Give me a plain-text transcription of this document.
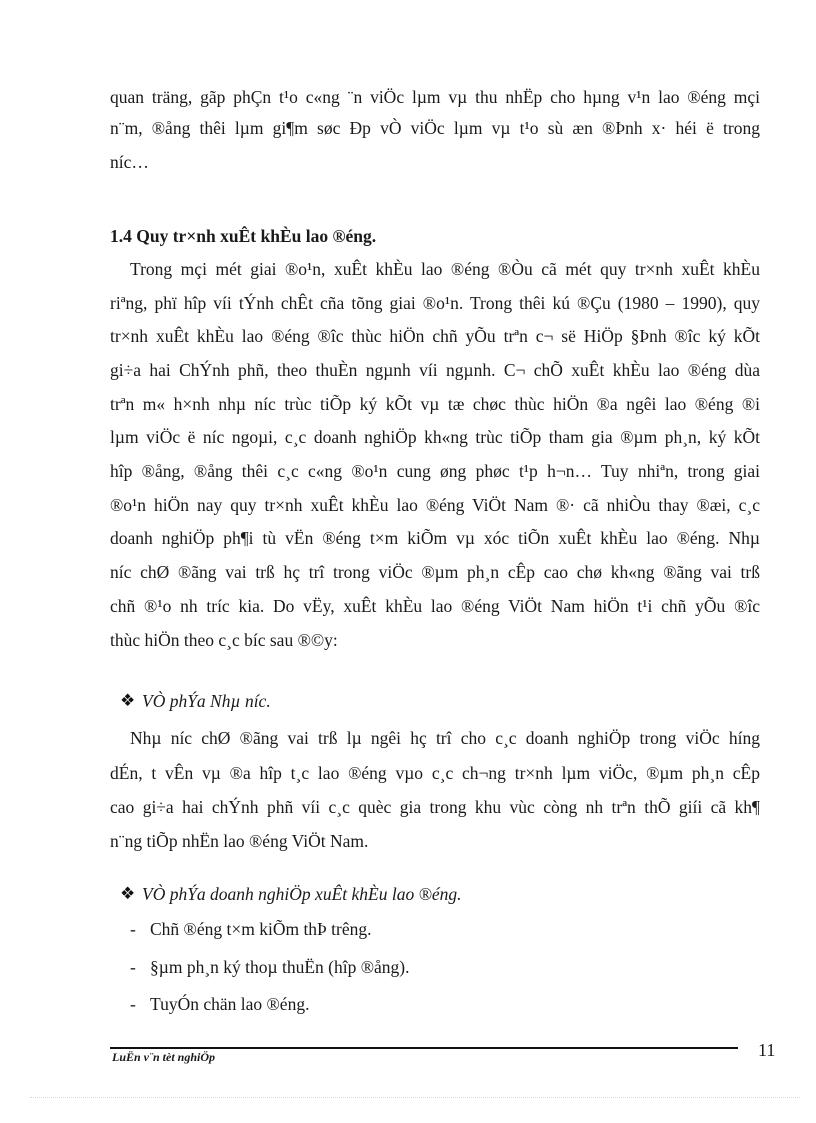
quan träng, gãp phÇn t¹o c«ng ¨n viÖc lµm vµ thu nhËp cho hµng v¹n lao ®éng mçi
n¨m, ®ång thêi lµm gi¶m søc Ðp vÒ viÖc lµm vµ t¹o sù æn ®Þnh x· héi ë trong
níc…
1.4 Quy tr×nh xuÊt khÈu lao ®éng.
Trong mçi mét giai ®o¹n, xuÊt khÈu lao ®éng ®Òu cã mét quy tr×nh xuÊt khÈu
riªng, phï hîp víi tÝnh chÊt cña tõng giai ®o¹n. Trong thêi kú ®Çu (1980 – 1990), quy
tr×nh xuÊt khÈu lao ®éng ®îc thùc hiÖn chñ yÕu trªn c¬ së HiÖp §Þnh ®îc ký kÕt
gi÷a hai ChÝnh phñ, theo thuÈn ngµnh víi ngµnh. C¬ chÕ xuÊt khÈu lao ®éng dùa
trªn m« h×nh nhµ níc trùc tiÕp ký kÕt vµ tæ chøc thùc hiÖn ®a ngêi lao ®éng ®i
lµm viÖc ë níc ngoµi, c¸c doanh nghiÖp kh«ng trùc tiÕp tham gia ®µm ph¸n, ký kÕt
hîp ®ång, ®ång thêi c¸c c«ng ®o¹n cung øng phøc t¹p h¬n… Tuy nhiªn, trong giai
®o¹n hiÖn nay quy tr×nh xuÊt khÈu lao ®éng ViÖt Nam ®· cã nhiÒu thay ®æi, c¸c
doanh nghiÖp ph¶i tù vËn ®éng t×m kiÕm vµ xóc tiÕn xuÊt khÈu lao ®éng. Nhµ
níc chØ ®ãng vai trß hç trî trong viÖc ®µm ph¸n cÊp cao chø kh«ng ®ãng vai trß
chñ ®¹o nh tríc kia. Do vËy, xuÊt khÈu lao ®éng ViÖt Nam hiÖn t¹i chñ yÕu ®îc
thùc hiÖn theo c¸c bíc sau ®©y:
❖ VÒ phÝa Nhµ níc.
Nhµ níc chØ ®ãng vai trß lµ ngêi hç trî cho c¸c doanh nghiÖp trong viÖc híng
dÉn, t vÊn vµ ®a hîp t¸c lao ®éng vµo c¸c ch¬ng tr×nh lµm viÖc, ®µm ph¸n cÊp
cao gi÷a hai chÝnh phñ víi c¸c quèc gia trong khu vùc còng nh trªn thÕ giíi cã kh¶
n¨ng tiÕp nhËn lao ®éng ViÖt Nam.
❖ VÒ phÝa doanh nghiÖp xuÊt khÈu lao ®éng.
- Chñ ®éng t×m kiÕm thÞ trêng.
- §µm ph¸n ký thoµ thuËn (hîp ®ång).
- TuyÓn chän lao ®éng.
LuËn v¨n tèt nghiÖp	11
